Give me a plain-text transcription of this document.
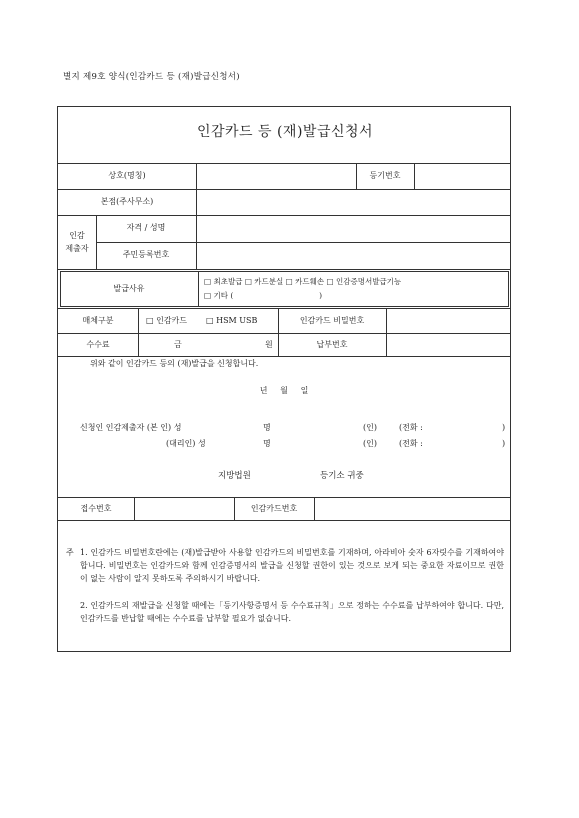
별지 제9호 양식(인감카드 등 (재)발급신청서)
인감카드 등 (재)발급신청서
상호(명칭)	등기번호
본점(주사무소)
인감
제출자
자격 / 성명
주민등록번호
발급사유
□ 최초발급 □ 카드분실 □ 카드훼손 □ 인감증명서발급기능
□ 기타 (                                    )
매체구분	□ 인감카드 □ HSM USB	인감카드 비밀번호
수수료	금	원	납부번호
위와 같이 인감카드 등의 (재)발급을 신청합니다.
년     월     일
신청인 인감제출자 (본 인) 성	명	(인)	(전화 :	)
(대리인) 성	명	(인)	(전화 :	)
지방법원	등기소 귀중
접수번호	인감카드번호
주 1. 인감카드 비밀번호란에는 (재)발급받아 사용할 인감카드의 비밀번호를 기재하며, 아라비아 숫자 6자릿수를 기재하여야 합니다. 비밀번호는 인감카드와 함께 인감증명서의 발급을 신청할 권한이 있는 것으로 보게 되는 중요한 자료이므로 권한이 없는 사람이 알지 못하도록 주의하시기 바랍니다.
2. 인감카드의 재발급을 신청할 때에는「등기사항증명서 등 수수료규칙」으로 정하는 수수료를 납부하여야 합니다. 다만, 인감카드를 반납할 때에는 수수료를 납부할 필요가 없습니다.
